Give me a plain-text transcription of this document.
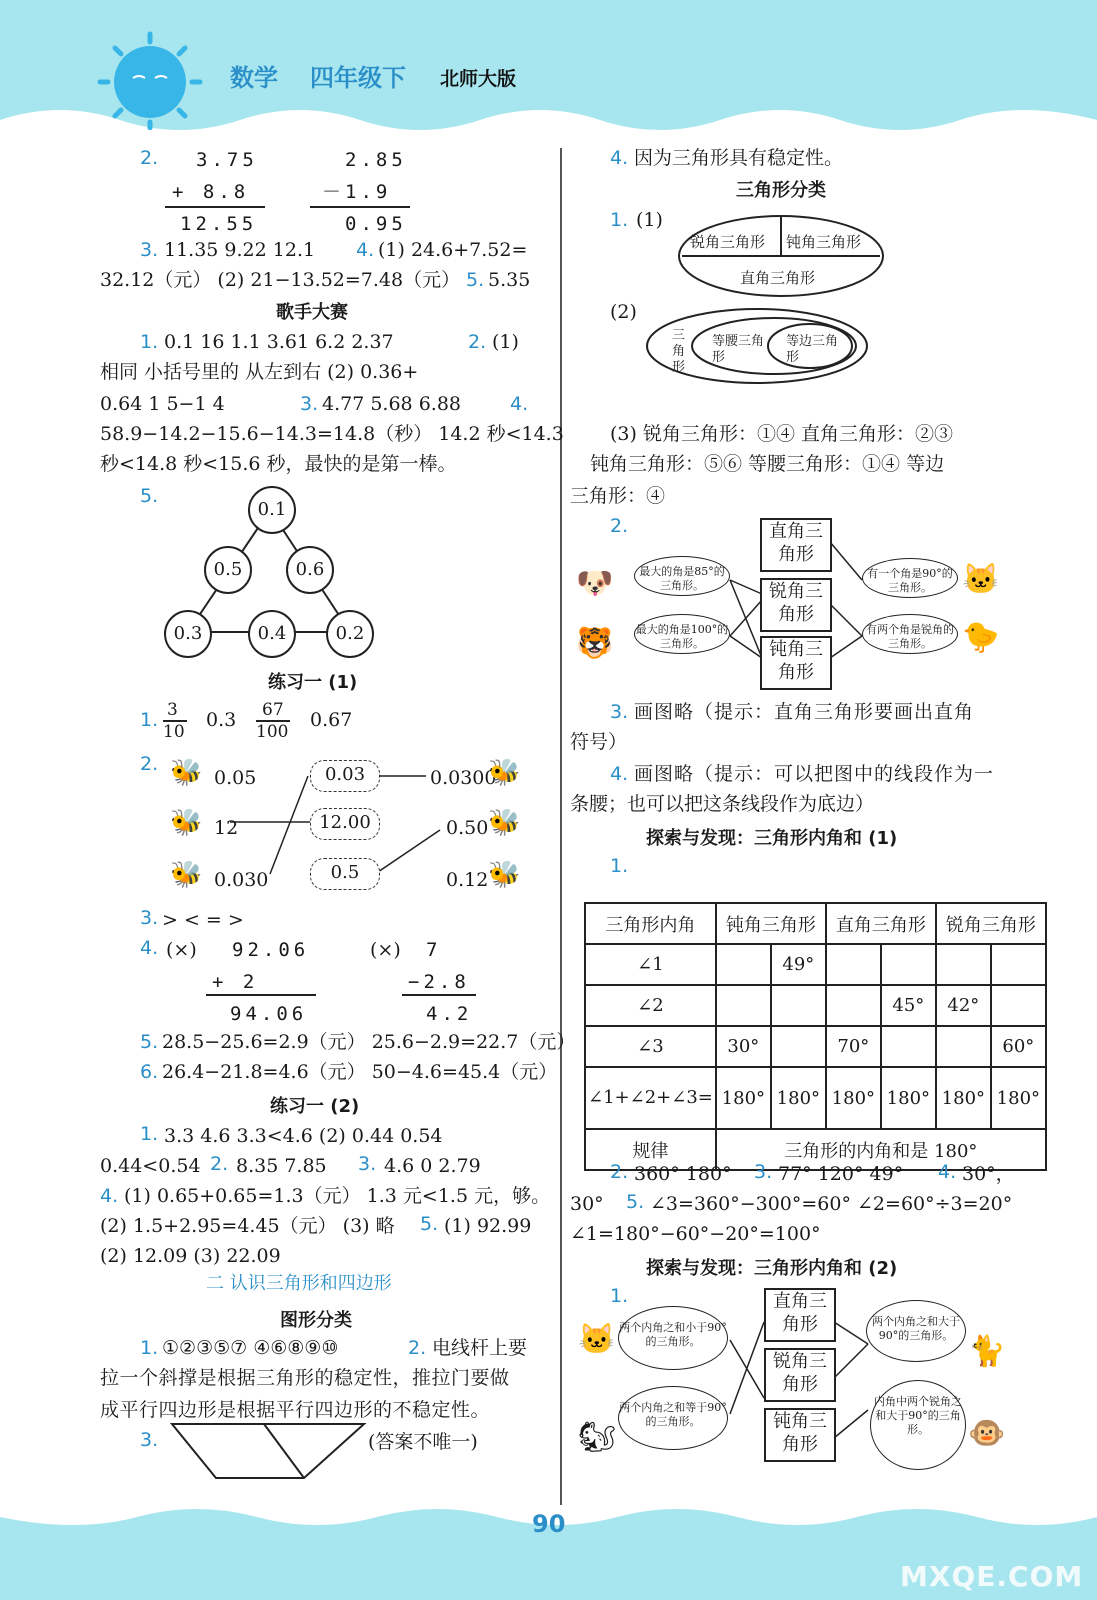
数学 四年级下 北师大版
2. 3.75
+ 8.8
12.55
2.85
－1.9
0.95
3. 11.35 9.22 12.1 4. (1) 24.6+7.52=
32.12（元） (2) 21−13.52=7.48（元） 5. 5.35
歌手大赛
1. 0.1 16 1.1 3.61 6.2 2.37	2. (1)
相同 小括号里的 从左到右 (2) 0.36+
0.64 1 5−1 4	3. 4.77 5.68 6.88	4.
58.9−14.2−15.6−14.3=14.8（秒） 14.2 秒<14.3
秒<14.8 秒<15.6 秒，最快的是第一棒。
5.
0.1
0.5	0.6
0.3	0.4	0.2
练习一 (1)
1. 3
10
0.3 67
100
0.67
2. 🐝 0.05
🐝 12
🐝 0.030
0.03
12.00
0.5
0.0300
🐝
0.50 🐝
0.12 🐝
3. > < = >
4. (×) 92.06
+ 2
94.06
(×) 7
−2.8
4.2
5. 28.5−25.6=2.9（元） 25.6−2.9=22.7（元）
6. 26.4−21.8=4.6（元） 50−4.6=45.4（元）
练习一 (2)
1. 3.3 4.6 3.3<4.6 (2) 0.44 0.54
0.44<0.54 2. 8.35 7.85 3. 4.6 0 2.79
4. (1) 0.65+0.65=1.3（元） 1.3 元<1.5 元，够。
(2) 1.5+2.95=4.45（元） (3) 略 5. (1) 92.99
(2) 12.09 (3) 22.09
二 认识三角形和四边形
图形分类
1. ①②③⑤⑦ ④⑥⑧⑨⑩	2. 电线杆上要
拉一个斜撑是根据三角形的稳定性，推拉门要做
成平行四边形是根据平行四边形的不稳定性。
3.	(答案不唯一)
4. 因为三角形具有稳定性。
三角形分类
1. (1)
锐角三角形 钝角三角形
直角三角形
(2)
三角形
等腰三角形
等边三角形
(3) 锐角三角形：①④ 直角三角形：②③
钝角三角形：⑤⑥ 等腰三角形：①④ 等边
三角形：④
2.	直角三角形
锐角三角形
钝角三角形
最大的角是85°的三角形。
最大的角是100°的三角形。
有一个角是90°的三角形。
有两个角是锐角的三角形。
🐶
🐯
🐱
🐤
3. 画图略（提示：直角三角形要画出直角
符号）
4. 画图略（提示：可以把图中的线段作为一
条腰；也可以把这条线段作为底边）
探索与发现：三角形内角和 (1)
1.
三角形内角	钝角三角形		直角三角形		锐角三角形	
∠1		49°				
∠2				45°	42°	
∠3	30°		70°			60°
∠1+∠2+∠3=	180°	180°	180°	180°	180°	180°
规律	三角形的内角和是 180°					
2. 360° 180° 3. 77° 120° 49° 4. 30°，
30° 5. ∠3=360°−300°=60° ∠2=60°÷3=20°
∠1=180°−60°−20°=100°
探索与发现：三角形内角和 (2)
1.	直角三角形
锐角三角形
钝角三角形
两个内角之和小于90°的三角形。
两个内角之和等于90°的三角形。
两个内角之和大于90°的三角形。
内角中两个锐角之和大于90°的三角形。
🐱
🐿
🐈
🐵
90
MXQE.COM
